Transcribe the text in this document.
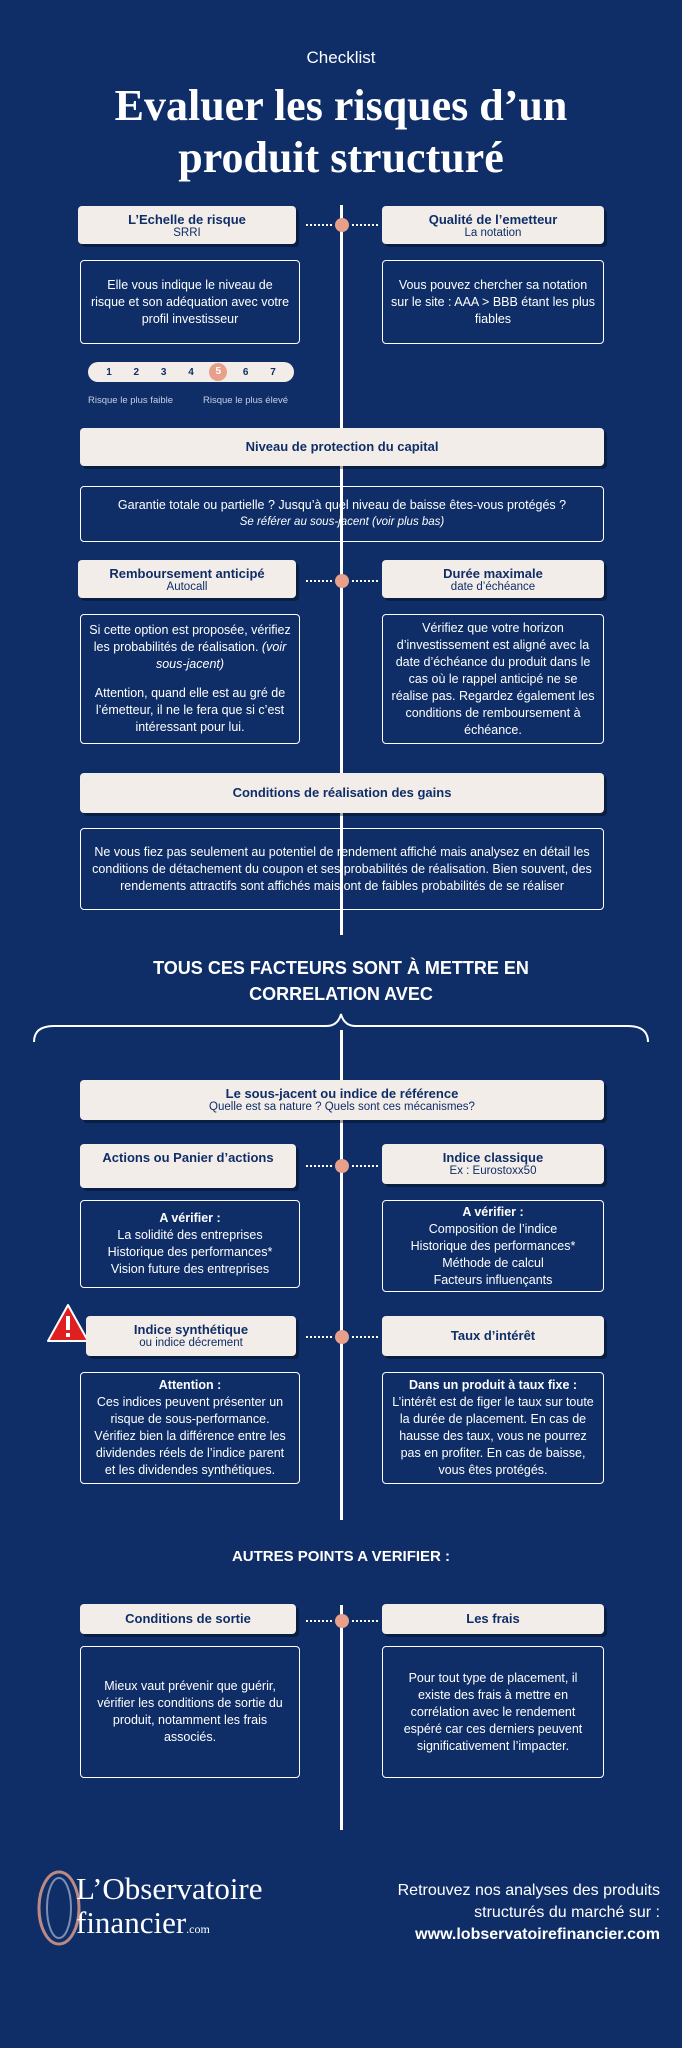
Checklist
Evaluer les risques d’un
produit structuré
L’Echelle de risque
SRRI
Qualité de l’emetteur
La notation

Elle vous indique le niveau de risque et son adéquation avec votre profil investisseur

Vous pouvez chercher sa notation sur le site : AAA > BBB étant les plus fiables

1	2	3	4	5	6	7
Risque le plus faible	Risque le plus élevé
Niveau de protection du capital

Garantie totale ou partielle ? Jusqu’à quel niveau de baisse êtes-vous protégés ?

Se référer au sous-jacent (voir plus bas)

Remboursement anticipé
Autocall
Durée maximale
date d’échéance

Si cette option est proposée, vérifiez les probabilités de réalisation. (voir sous-jacent)

Attention, quand elle est au gré de l’émetteur, il ne le fera que si c’est intéressant pour lui.

Vérifiez que votre horizon d’investissement est aligné avec la date d’échéance du produit dans le cas où le rappel anticipé ne se réalise pas. Regardez également les conditions de remboursement à échéance.

Conditions de réalisation des gains

Ne vous fiez pas seulement au potentiel de rendement affiché mais analysez en détail les conditions de détachement du coupon et ses probabilités de réalisation. Bien souvent, des rendements attractifs sont affichés mais ont de faibles probabilités de se réaliser

TOUS CES FACTEURS SONT À METTRE EN
CORRELATION AVEC
Le sous-jacent ou indice de référence
Quelle est sa nature ? Quels sont ces mécanismes?
Actions ou Panier d’actions	Indice classique
Ex : Eurostoxx50

A vérifier :

La solidité des entreprises

Historique des performances*

Vision future des entreprises

A vérifier :

Composition de l’indice

Historique des performances*

Méthode de calcul

Facteurs influençants

Indice synthétique
ou indice décrement	Taux d’intérêt

Attention :

Ces indices peuvent présenter un risque de sous-performance. Vérifiez bien la différence entre les dividendes réels de l’indice parent et les dividendes synthétiques.

Dans un produit à taux fixe :

L’intérêt est de figer le taux sur toute la durée de placement. En cas de hausse des taux, vous ne pourrez pas en profiter. En cas de baisse, vous êtes protégés.

AUTRES POINTS A VERIFIER :
Conditions de sortie	Les frais

Mieux vaut prévenir que guérir, vérifier les conditions de sortie du produit, notamment les frais associés.

Pour tout type de placement, il existe des frais à mettre en corrélation avec le rendement espéré car ces derniers peuvent significativement l’impacter.

L’Observatoire
financier.com
Retrouvez nos analyses des produits
structurés du marché sur :
www.lobservatoirefinancier.com
